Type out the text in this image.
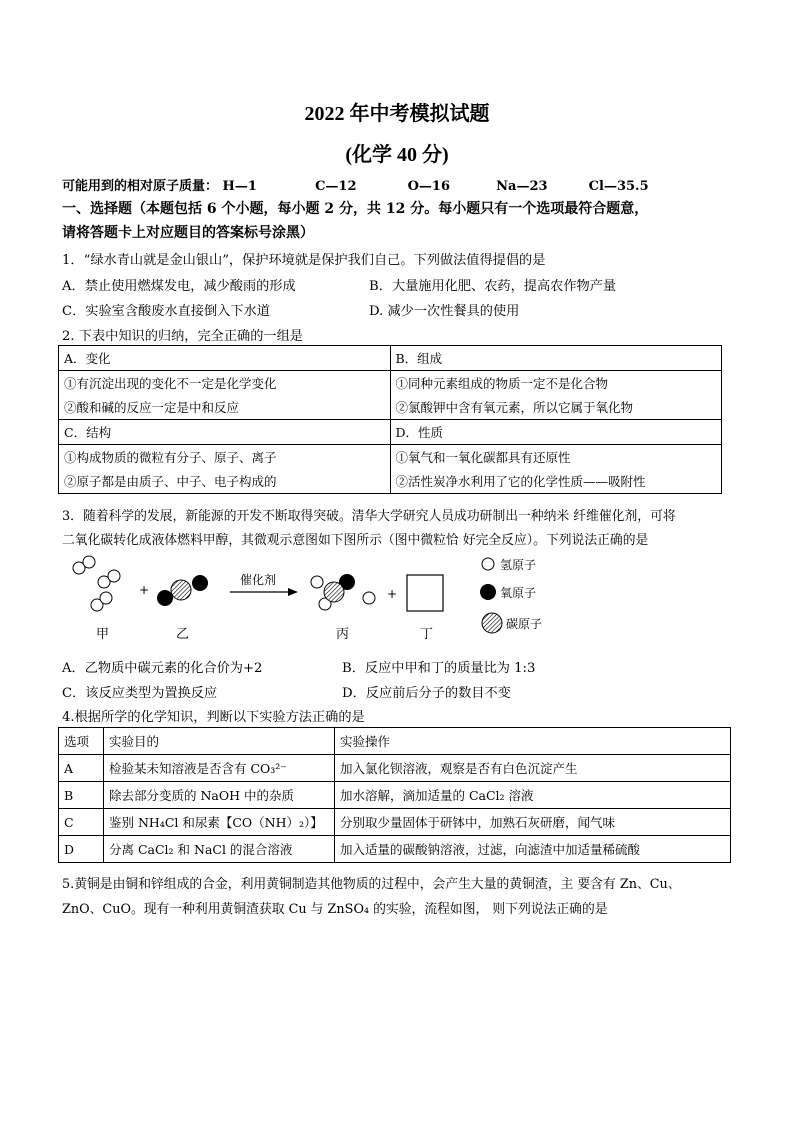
2022 年中考模拟试题
(化学 40 分)
可能用到的相对原子质量： H—1	C—12	O—16	Na—23	Cl—35.5
一、选择题（本题包括 6 个小题，每小题 2 分，共 12 分。每小题只有一个选项最符合题意，
请将答题卡上对应题目的答案标号涂黑）
1．“绿水青山就是金山银山”，保护环境就是保护我们自己。下列做法值得提倡的是
A．禁止使用燃煤发电，减少酸雨的形成	B．大量施用化肥、农药，提高农作物产量
C．实验室含酸废水直接倒入下水道	D. 减少一次性餐具的使用
2. 下表中知识的归纳，完全正确的一组是
A．变化	B．组成
①有沉淀出现的变化不一定是化学变化	①同种元素组成的物质一定不是化合物
②酸和碱的反应一定是中和反应	②氯酸钾中含有氧元素，所以它属于氧化物
C．结构	D．性质
①构成物质的微粒有分子、原子、离子	①氧气和一氧化碳都具有还原性
②原子都是由质子、中子、电子构成的	②活性炭净水利用了它的化学性质——吸附性
3．随着科学的发展，新能源的开发不断取得突破。清华大学研究人员成功研制出一种纳米 纤维催化剂，可将
二氧化碳转化成液体燃料甲醇，其微观示意图如下图所示（图中微粒恰 好完全反应）。下列说法正确的是
+
催化剂
+
甲	乙	丙	丁
氢原子
氧原子
碳原子
A．乙物质中碳元素的化合价为+2	B．反应中甲和丁的质量比为 1:3
C．该反应类型为置换反应	D．反应前后分子的数目不变
4.根据所学的化学知识，判断以下实验方法正确的是
选项	实验目的	实验操作
A	检验某未知溶液是否含有 CO₃²⁻	加入氯化钡溶液，观察是否有白色沉淀产生
B	除去部分变质的 NaOH 中的杂质	加水溶解，滴加适量的 CaCl₂ 溶液
C	鉴别 NH₄Cl 和尿素【CO（NH）₂）】	分别取少量固体于研钵中，加熟石灰研磨，闻气味
D	分离 CaCl₂ 和 NaCl 的混合溶液	加入适量的碳酸钠溶液，过滤，向滤渣中加适量稀硫酸
5.黄铜是由铜和锌组成的合金，利用黄铜制造其他物质的过程中，会产生大量的黄铜渣，主 要含有 Zn、Cu、
ZnO、CuO。现有一种利用黄铜渣获取 Cu 与 ZnSO₄ 的实验，流程如图， 则下列说法正确的是
